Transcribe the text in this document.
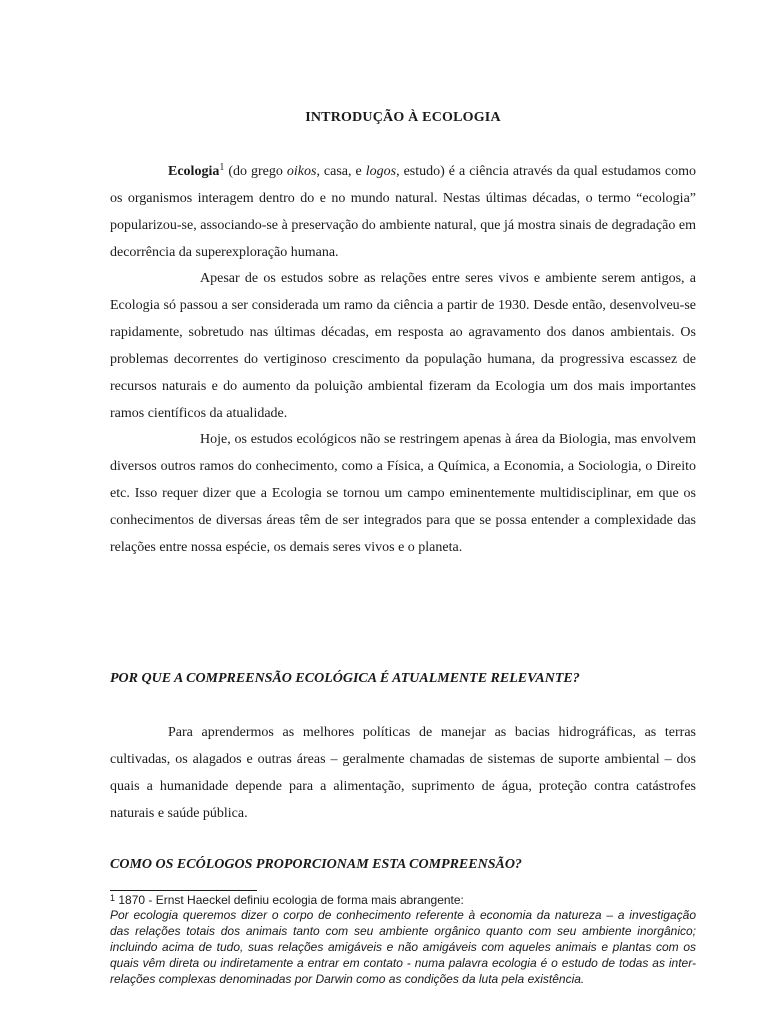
INTRODUÇÃO À ECOLOGIA
Ecologia$^1$ (do grego oikos, casa, e logos, estudo) é a ciência através da qual estudamos como os organismos interagem dentro do e no mundo natural. Nestas últimas décadas, o termo “ecologia” popularizou-se, associando-se à preservação do ambiente natural, que já mostra sinais de degradação em decorrência da superexploração humana.
Apesar de os estudos sobre as relações entre seres vivos e ambiente serem antigos, a Ecologia só passou a ser considerada um ramo da ciência a partir de 1930. Desde então, desenvolveu-se rapidamente, sobretudo nas últimas décadas, em resposta ao agravamento dos danos ambientais. Os problemas decorrentes do vertiginoso crescimento da população humana, da progressiva escassez de recursos naturais e do aumento da poluição ambiental fizeram da Ecologia um dos mais importantes ramos científicos da atualidade.
Hoje, os estudos ecológicos não se restringem apenas à área da Biologia, mas envolvem diversos outros ramos do conhecimento, como a Física, a Química, a Economia, a Sociologia, o Direito etc. Isso requer dizer que a Ecologia se tornou um campo eminentemente multidisciplinar, em que os conhecimentos de diversas áreas têm de ser integrados para que se possa entender a complexidade das relações entre nossa espécie, os demais seres vivos e o planeta.
POR QUE A COMPREENSÃO ECOLÓGICA É ATUALMENTE RELEVANTE?
Para aprendermos as melhores políticas de manejar as bacias hidrográficas, as terras cultivadas, os alagados e outras áreas – geralmente chamadas de sistemas de suporte ambiental – dos quais a humanidade depende para a alimentação, suprimento de água, proteção contra catástrofes naturais e saúde pública.
COMO OS ECÓLOGOS PROPORCIONAM ESTA COMPREENSÃO?
$^1$ 1870 - Ernst Haeckel definiu ecologia de forma mais abrangente:
Por ecologia queremos dizer o corpo de conhecimento referente à economia da natureza – a investigação das relações totais dos animais tanto com seu ambiente orgânico quanto com seu ambiente inorgânico; incluindo acima de tudo, suas relações amigáveis e não amigáveis com aqueles animais e plantas com os quais vêm direta ou indiretamente a entrar em contato - numa palavra ecologia é o estudo de todas as inter-relações complexas denominadas por Darwin como as condições da luta pela existência.
